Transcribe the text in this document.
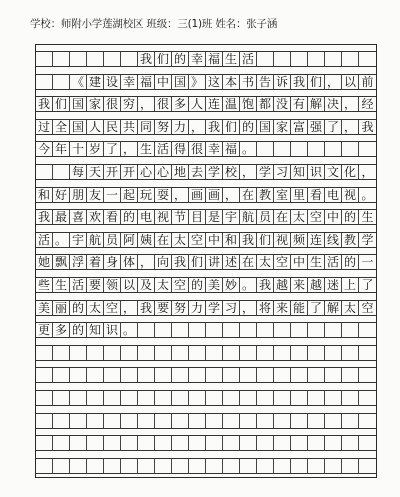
学校：师附小学莲湖校区 班级：三(1)班 姓名：张子涵
我 们 的 幸 福 生 活
《 建 设 幸 福 中 国 》 这 本 书 告 诉 我 们 ， 以 前
我 们 国 家 很 穷 ， 很 多 人 连 温 饱 都 没 有 解 决 ， 经
过 全 国 人 民 共 同 努 力 ， 我 们 的 国 家 富 强 了 ， 我
今 年 十 岁 了 ， 生 活 得 很 幸 福 。
每 天 开 开 心 心 地 去 学 校 ， 学 习 知 识 文 化 ，
和 好 朋 友 一 起 玩 耍 ， 画 画 ， 在 教 室 里 看 电 视 。
我 最 喜 欢 看 的 电 视 节 目 是 宇 航 员 在 太 空 中 的 生
活 。 宇 航 员 阿 姨 在 太 空 中 和 我 们 视 频 连 线 教 学
她 飘 浮 着 身 体 ， 向 我 们 讲 述 在 太 空 中 生 活 的 一
些 生 活 要 领 以 及 太 空 的 美 妙 。 我 越 来 越 迷 上 了
美 丽 的 太 空 ， 我 要 努 力 学 习 ， 将 来 能 了 解 太 空
更 多 的 知 识 。
